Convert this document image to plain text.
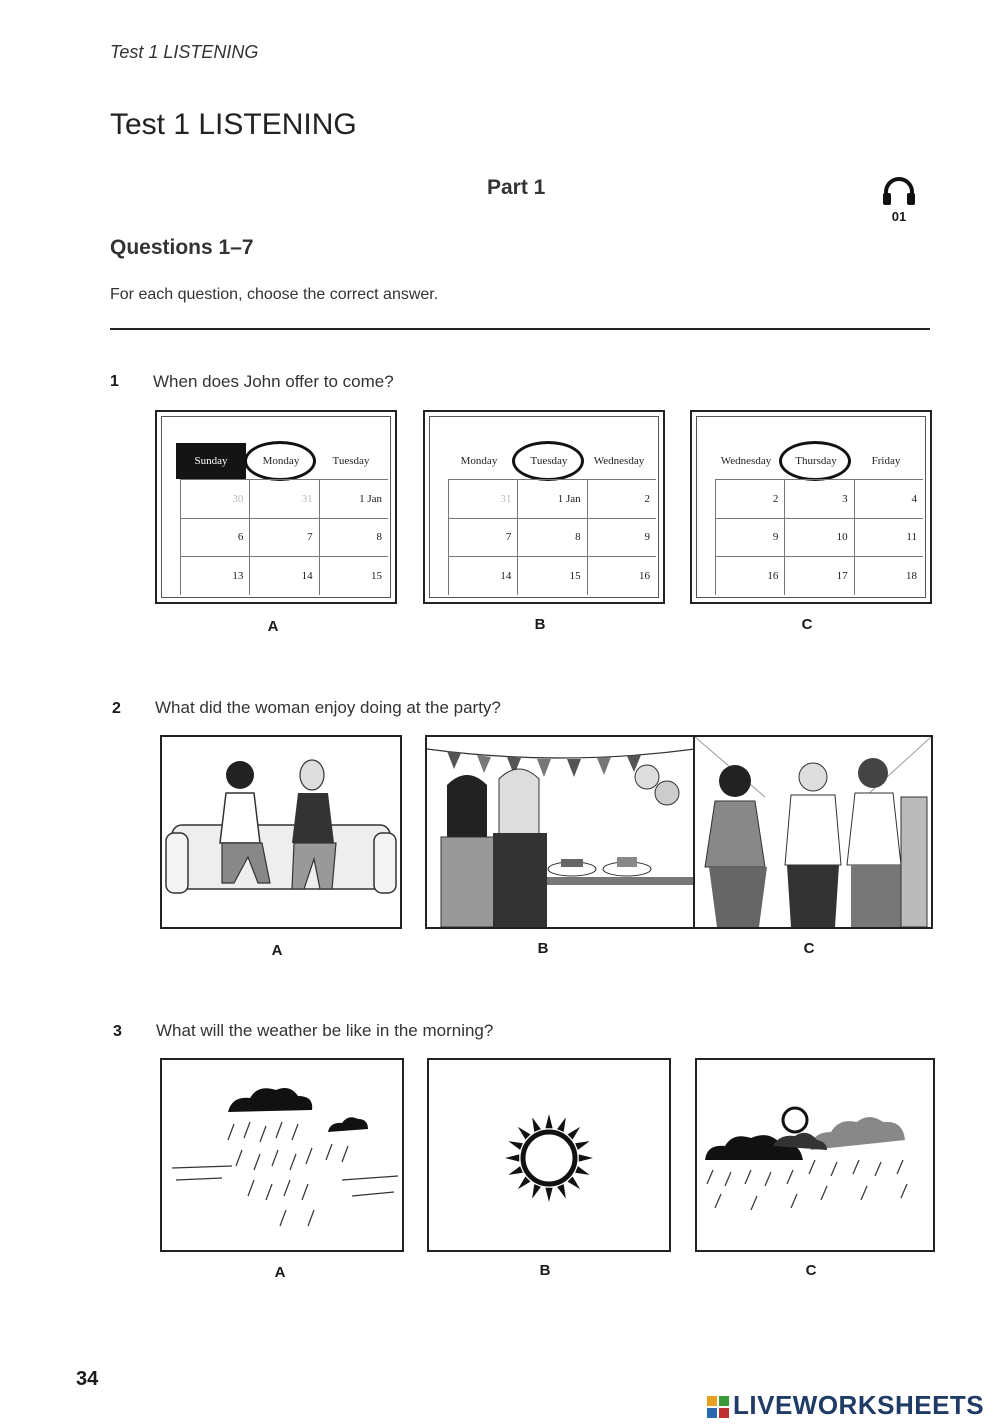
Test 1 LISTENING
Test 1 LISTENING
Part 1
01
Questions 1–7
For each question, choose the correct answer.
1 When does John offer to come?
Sunday	Monday	Tuesday
30	31	1 Jan
6	7	8
13	14	15
Monday	Tuesday	Wednesday
31	1 Jan	2
7	8	9
14	15	16
Wednesday	Thursday	Friday
2	3	4
9	10	11
16	17	18
A	B	C
2 What did the woman enjoy doing at the party?
A	B	C
3 What will the weather be like in the morning?
A	B	C
34
LIVEWORKSHEETS
